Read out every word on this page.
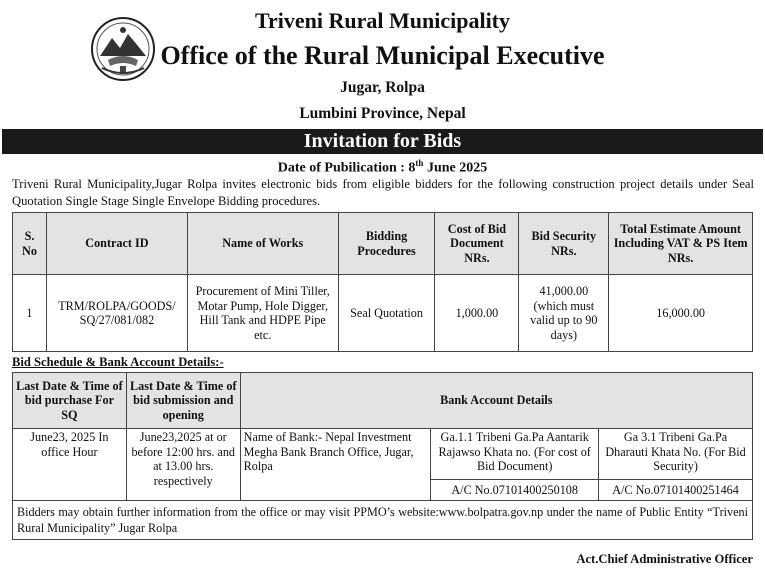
Triveni Rural Municipality
Office of the Rural Municipal Executive
Jugar, Rolpa
Lumbini Province, Nepal
Invitation for Bids
Date of Pubilication : 8th June 2025
Triveni Rural Municipality,Jugar Rolpa invites electronic bids from eligible bidders for the following construction project details under Seal Quotation Single Stage Single Envelope Bidding procedures.
S. No	Contract ID	Name of Works	Bidding Procedures	Cost of Bid Document NRs.	Bid Security NRs.	Total Estimate Amount Including VAT & PS Item NRs.
1	TRM/ROLPA/GOODS/ SQ/27/081/082	Procurement of Mini Tiller, Motar Pump, Hole Digger, Hill Tank and HDPE Pipe etc.	Seal Quotation	1,000.00	41,000.00 (which must valid up to 90 days)	16,000.00
Bid Schedule & Bank Account Details:-
Last Date & Time of bid purchase For SQ	Last Date & Time of bid submission and opening	Bank Account Details		
June23, 2025 In office Hour	June23,2025 at or before 12:00 hrs. and at 13.00 hrs. respectively	Name of Bank:- Nepal Investment Megha Bank Branch Office, Jugar, Rolpa	Ga.1.1 Tribeni Ga.Pa Aantarik Rajawso Khata no. (For cost of Bid Document)	Ga 3.1 Tribeni Ga.Pa Dharauti Khata No. (For Bid Security)
			A/C No.07101400250108	A/C No.07101400251464
Bidders may obtain further information from the office or may visit PPMO’s website:www.bolpatra.gov.np under the name of Public Entity “Triveni Rural Municipality” Jugar Rolpa				
Act.Chief Administrative Officer
